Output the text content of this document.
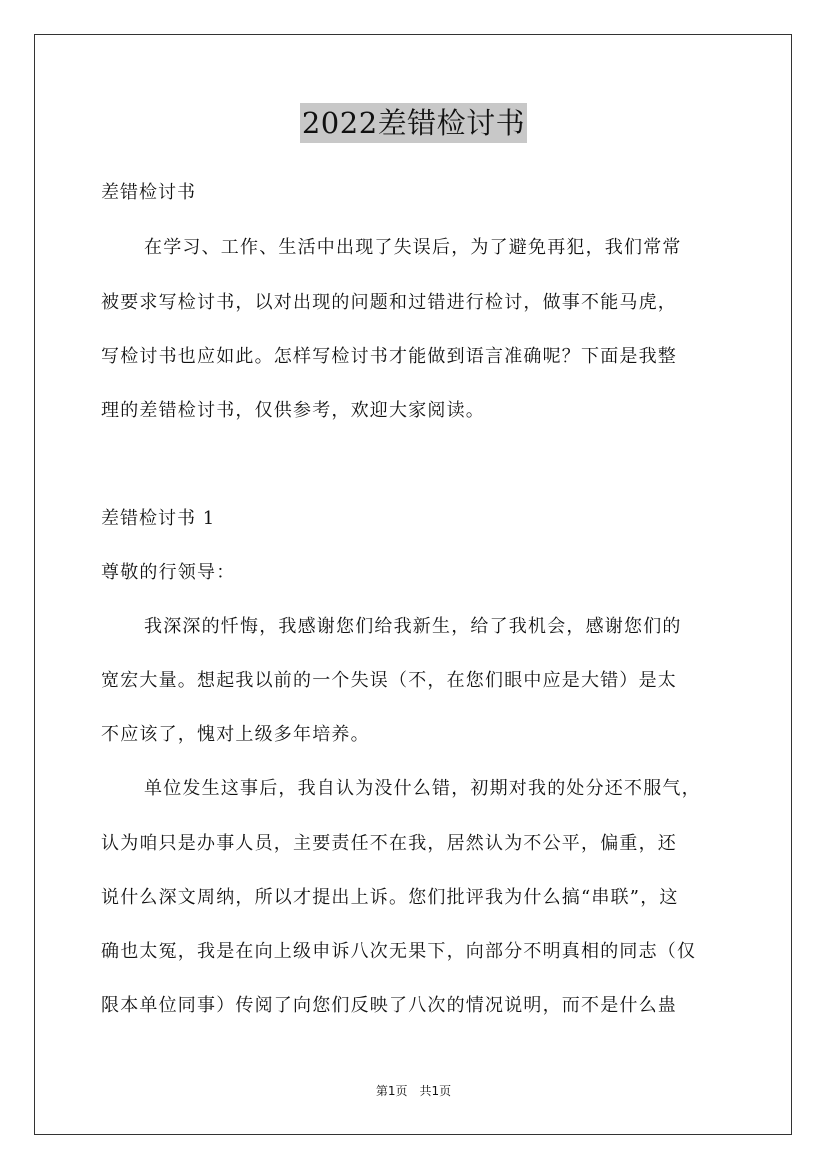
2022差错检讨书
差错检讨书
在学习、工作、生活中出现了失误后，为了避免再犯，我们常常
被要求写检讨书，以对出现的问题和过错进行检讨，做事不能马虎，
写检讨书也应如此。怎样写检讨书才能做到语言准确呢？下面是我整
理的差错检讨书，仅供参考，欢迎大家阅读。
差错检讨书 1
尊敬的行领导：
我深深的忏悔，我感谢您们给我新生，给了我机会，感谢您们的
宽宏大量。想起我以前的一个失误（不，在您们眼中应是大错）是太
不应该了，愧对上级多年培养。
单位发生这事后，我自认为没什么错，初期对我的处分还不服气，
认为咱只是办事人员，主要责任不在我，居然认为不公平，偏重，还
说什么深文周纳，所以才提出上诉。您们批评我为什么搞“串联”，这
确也太冤，我是在向上级申诉八次无果下，向部分不明真相的同志（仅
限本单位同事）传阅了向您们反映了八次的情况说明，而不是什么蛊
第1页　共1页
